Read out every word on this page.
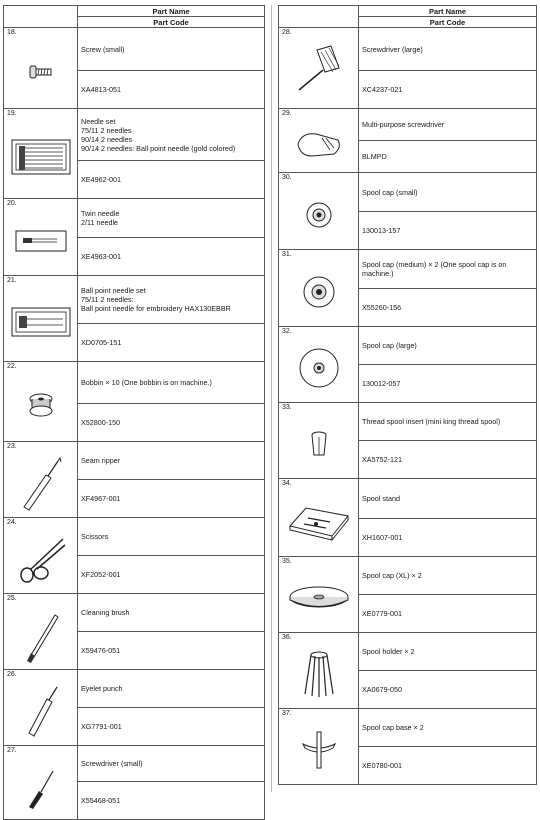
	Part Name
	Part Code

18.	Screw (small)
	XA4813-051

19.	Needle set
75/11 2 needles
90/14 2 needles
90/14 2 needles: Ball point needle (gold colored)
	XE4962-001

20.	Twin needle
2/11 needle
	XE4963-001

21.	Ball point needle set
75/11 2 needles:
Ball point needle for embroidery HAX130EBBR
	XD0705-151

22.	Bobbin × 10 (One bobbin is on machine.)
	X52800-150

23.	Seam ripper
	XF4967-001

24.	Scissors
	XF2052-001

25.	Cleaning brush
	X59476-051

26.	Eyelet punch
	XG7791-001

27.	Screwdriver (small)
	X55468-051
	Part Name
	Part Code

28.	Screwdriver (large)
	XC4237-021

29.	Multi-purpose screwdriver
	BLMPD

30.	Spool cap (small)
	130013-157

31.	Spool cap (medium) × 2 (One spool cap is on machine.)
	X55260-156

32.	Spool cap (large)
	130012-057

33.	Thread spool insert (mini king thread spool)
	XA5752-121

34.	Spool stand
	XH1607-001

35.	Spool cap (XL) × 2
	XE0779-001

36.	Spool holder × 2
	XA0679-050

37.	Spool cap base × 2
	XE0780-001
